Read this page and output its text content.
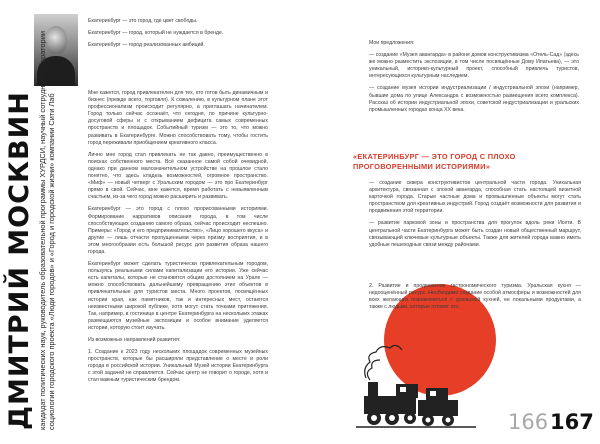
ДМИТРИЙ МОСКВИН кандидат политических наук, руководитель образовательной программы ХУРДСИ, научный сотрудник Лаборатории социологии городского проекта «Люди городов» и «Город и городской жизни» компании Сити Лаб

Екатеринбург — это город, где цвет свободы.

Екатеринбург — город, который не нуждается в бренде.

Екатеринбург — город реализованных амбиций.

Мне кажется, город привлекателен для тех, кто готов быть динамичным и бизнес (прежде всего, торговля). К сожалению, в культурном плане этот профессионализм происходит регулярно, а приглашать начинателем. Город только сейчас осознаёт, что сегодня, по причине культурно-досуговой сферы и с открыванием дефицита самых современных пространств и площадок. Событийный туризм — это то, что можно развивать в Екатеринбурге. Можно способствовать тому, чтобы гостить город переживали приобщением креативного класса.

Лично мне город стал привлекать не так давно, преимущественно в поисках собственного места. Всё сказанное самой собой очевидной, однако при данном малозначительном устройстве на прошлое стало понятно, что здесь кладезь возможностей, огромное пространство. «Миф» — новый четверг с Уральским городом — это про Екатеринбург прямо в свой. Сейчас, мне кажется, время работать с невыявленным счастьем, из-за чего город можно расширить и развивать.

Екатеринбург — это город с плохо прорисованными историями. Формирование нарративов описания города, в том числе способствующих созданию самого образа, сейчас происходит неспешно. Примеры: «Город и его предпринимательство», «Лицо хорошего вкуса» и другие — лишь отчасти пропущенными через призму восприятия, и в этом многообразии есть большой ресурс для развития образа нашего города.

Екатеринбург может сделать туристически привлекательным городом, пользуясь реальными силами капитализации его истории. Уже сейчас есть капиталы, которые не становятся общим достоянием на Урале — можно способствовать дальнейшему превращению этих объектов в привлекательные для туристов места. Много проектов, посвящённых истории края, как памятников, так и интересных мест, остаются неизвестными широкой публике, хотя могут стать точками притяжения. Так, например, в гостинице в центре Екатеринбурга на нескольких этажах размещаются музейные экспозиции и особое внимание уделяется истории, которую стоит изучать.

Из возможных направлений развития:

1. Создание к 2023 году нескольких площадок современных музейных пространств, которые бы расширяли представление о месте и роли города в российской истории. Уникальный Музей истории Екатеринбурга с этой задачей не справляется. Сейчас центр не говорит о городе, хотя и стал важным туристическим брендом.

Мои предложения:

— создание «Музея авангарда» в районе домов конструктивизма «Отель-Сад» (здесь же можно разместить экспозиции, в том числе посвящённые Дому Ипатьева), — это уникальный, историко-культурный проект, способный привлечь туристов, интересующихся культурным наследием.

— создание музея истории индустриализации / индустриальной эпохи (например, бывшие дома по улице Александра с возможностью размещения всего комплекса). Рассказ об истории индустриальной эпохи, советской индустриализации и уральских промышленных городах конца XX века.

«ЕКАТЕРИНБУРГ — ЭТО ГОРОД С ПЛОХО ПРОГОВОРЕННЫМИ ИСТОРИЯМИ»

— создание сквера конструктивистов центральной части города. Уникальная архитектура, связанная с эпохой авангарда, способная стать настоящей визитной карточкой города. Старые частные дома и промышленные объекты могут стать пространством для креативных индустрий. Город создаёт возможности для развития и продвижения этой территории.

— развитие парковой зоны и пространства для прогулок вдоль реки Исети. В центральной части Екатеринбурга может быть создан новый общественный маршрут, связывающий ключевые культурные объекты. Также для жителей города важно иметь удобные пешеходные связи между районами.

2. Развитие и продвижение гастрономического туризма. Уральская кухня — недооценённый ресурс. Необходимо создание особой атмосферы и возможностей для всех желающих познакомиться с уральской кухней, ее локальными продуктами, а также с людьми, которые готовят это.

166 167
